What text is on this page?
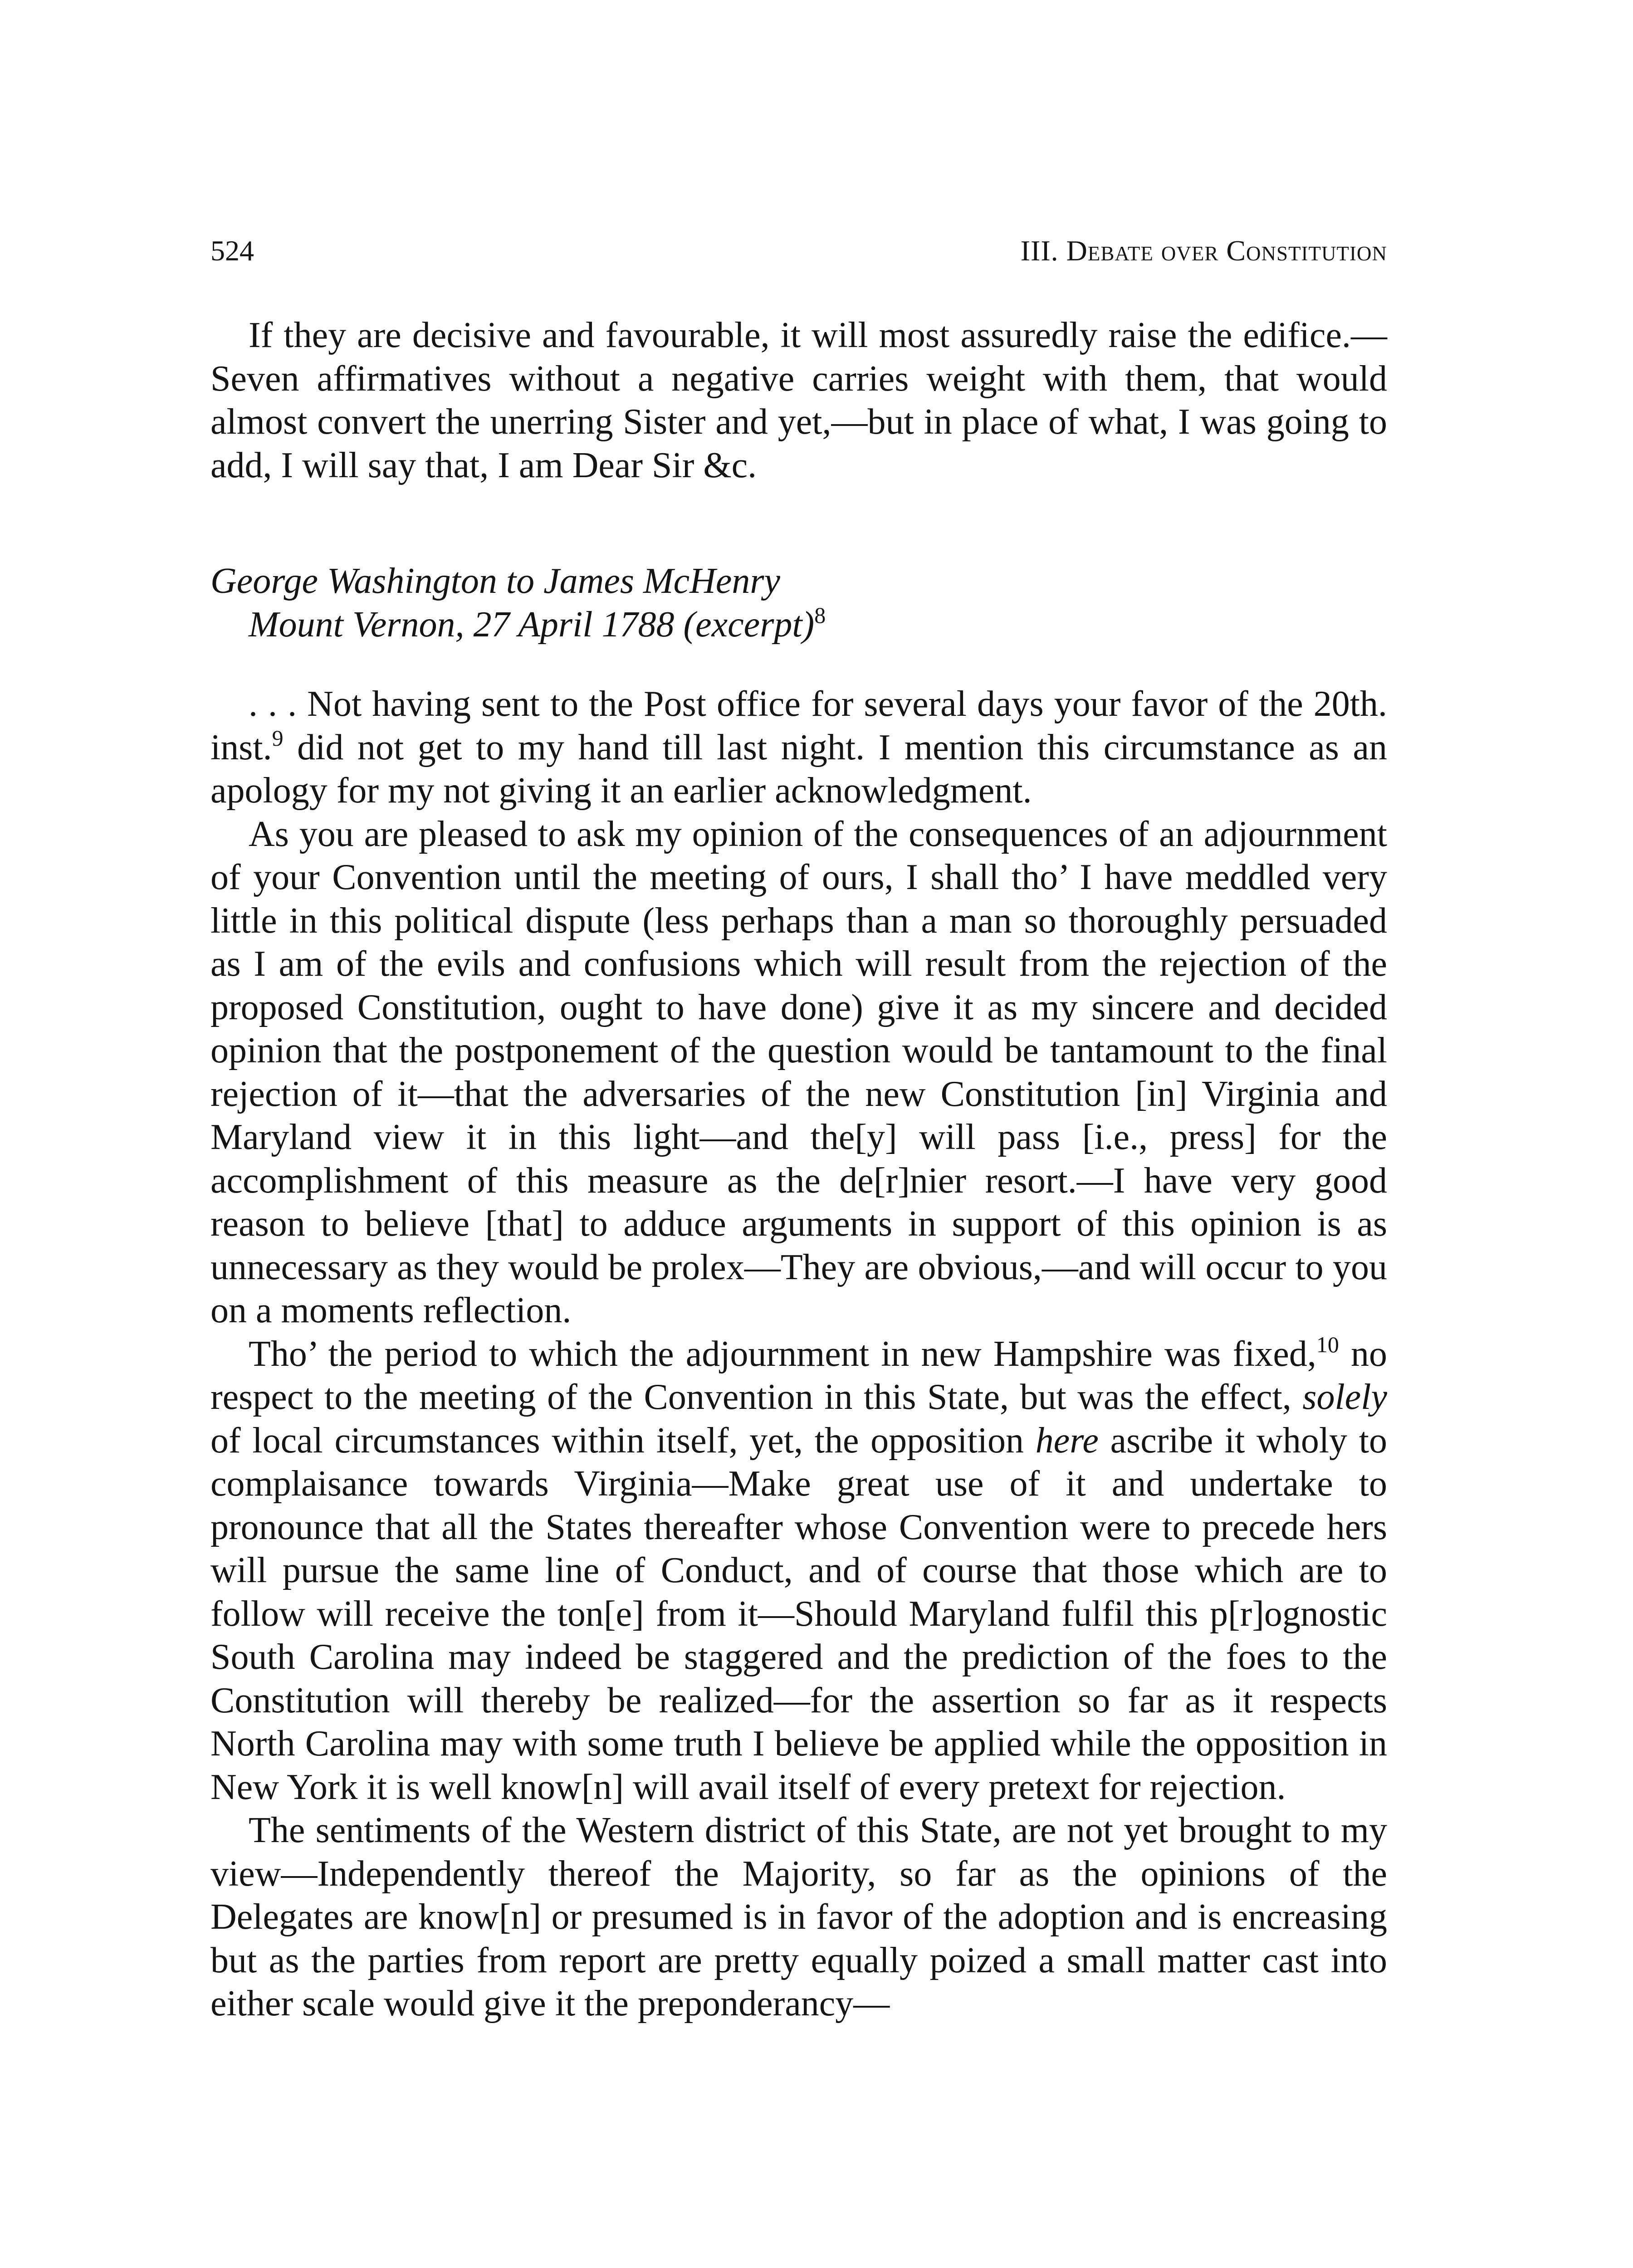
524	III. Debate over Constitution

If they are decisive and favourable, it will most assuredly raise the edifice.—Seven affirmatives without a negative carries weight with them, that would almost convert the unerring Sister and yet,—but in place of what, I was going to add, I will say that, I am Dear Sir &c.

George Washington to James McHenry
Mount Vernon, 27 April 1788 (excerpt)$^8$

. . . Not having sent to the Post office for several days your favor of the 20th. inst.$^9$ did not get to my hand till last night. I mention this circumstance as an apology for my not giving it an earlier acknowledgment.

As you are pleased to ask my opinion of the consequences of an adjournment of your Convention until the meeting of ours, I shall tho’ I have meddled very little in this political dispute (less perhaps than a man so thoroughly persuaded as I am of the evils and confusions which will result from the rejection of the proposed Constitution, ought to have done) give it as my sincere and decided opinion that the postponement of the question would be tantamount to the final rejection of it—that the adversaries of the new Constitution [in] Virginia and Maryland view it in this light—and the[y] will pass [i.e., press] for the accomplishment of this measure as the de[r]nier resort.—I have very good reason to believe [that] to adduce arguments in support of this opinion is as unnecessary as they would be prolex—They are obvious,—and will occur to you on a moments reflection.

Tho’ the period to which the adjournment in new Hampshire was fixed,$^{10}$ no respect to the meeting of the Convention in this State, but was the effect, solely of local circumstances within itself, yet, the opposition here ascribe it wholy to complaisance towards Virginia—Make great use of it and undertake to pronounce that all the States thereafter whose Convention were to precede hers will pursue the same line of Conduct, and of course that those which are to follow will receive the ton[e] from it—Should Maryland fulfil this p[r]ognostic South Carolina may indeed be staggered and the prediction of the foes to the Constitution will thereby be realized—for the assertion so far as it respects North Carolina may with some truth I believe be applied while the opposition in New York it is well know[n] will avail itself of every pretext for rejection.

The sentiments of the Western district of this State, are not yet brought to my view—Independently thereof the Majority, so far as the opinions of the Delegates are know[n] or presumed is in favor of the adoption and is encreasing but as the parties from report are pretty equally poized a small matter cast into either scale would give it the preponderancy—
